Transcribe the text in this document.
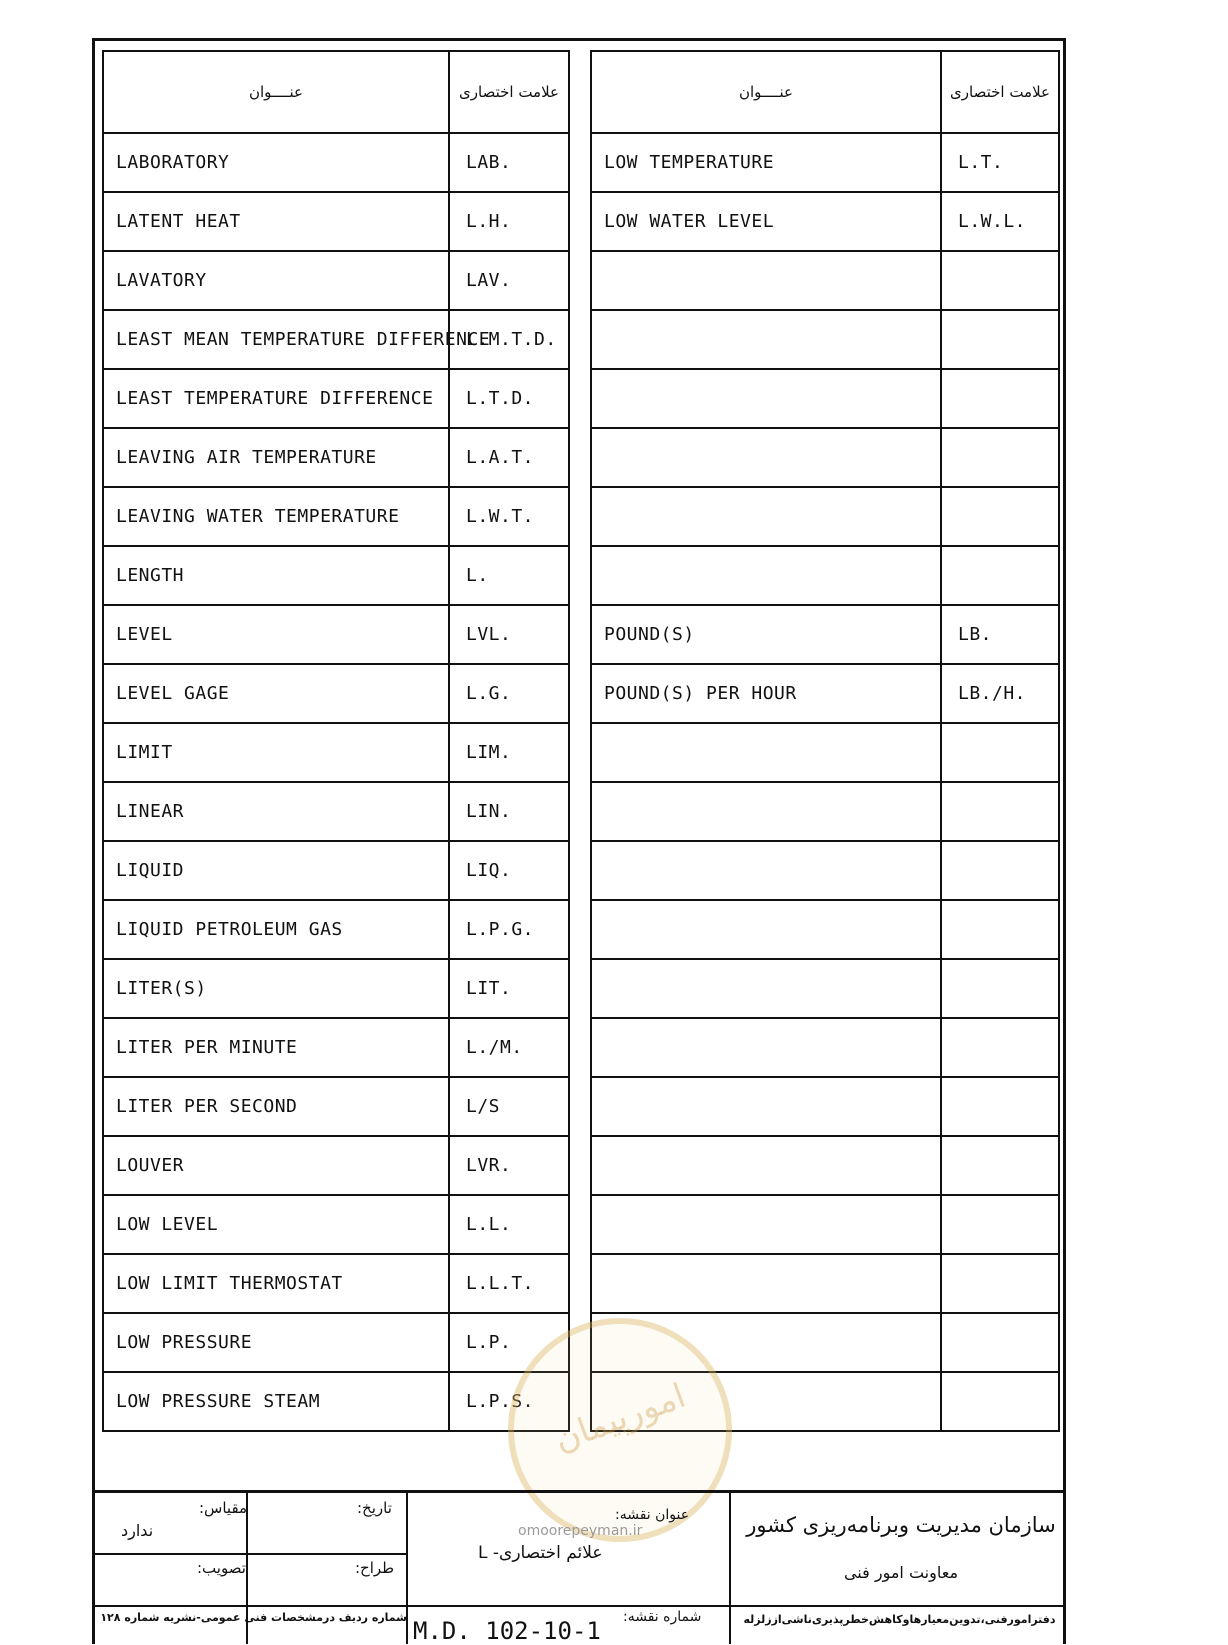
عنــــوان	علامت اختصاری
LABORATORY	LAB.
LATENT HEAT	L.H.
LAVATORY	LAV.
LEAST MEAN TEMPERATURE DIFFERENCE	L.M.T.D.
LEAST TEMPERATURE DIFFERENCE	L.T.D.
LEAVING AIR TEMPERATURE	L.A.T.
LEAVING WATER TEMPERATURE	L.W.T.
LENGTH	L.
LEVEL	LVL.
LEVEL GAGE	L.G.
LIMIT	LIM.
LINEAR	LIN.
LIQUID	LIQ.
LIQUID PETROLEUM GAS	L.P.G.
LITER(S)	LIT.
LITER PER MINUTE	L./M.
LITER PER SECOND	L/S
LOUVER	LVR.
LOW LEVEL	L.L.
LOW LIMIT THERMOSTAT	L.L.T.
LOW PRESSURE	L.P.
LOW PRESSURE STEAM	L.P.S.
عنــــوان	علامت اختصاری
LOW TEMPERATURE	L.T.
LOW WATER LEVEL	L.W.L.

POUND(S)	LB.
POUND(S) PER HOUR	LB./H.

امورپیمان
omoorepeyman.ir
مقیاس:
ندارد
تصویب:
تاریخ:
طراح:
شماره ردیف درمشخصات فنی عمومی-نشریه شماره ۱۲۸
عنوان نقشه:
علائم اختصاری- L
شماره نقشه:
M.D. 102-10-1
سازمان مدیریت وبرنامه‌ریزی کشور
معاونت امور فنی
دفترامورفنی،تدوین‌معیارهاوکاهش‌خطرپذیری‌ناشی‌اززلزله
